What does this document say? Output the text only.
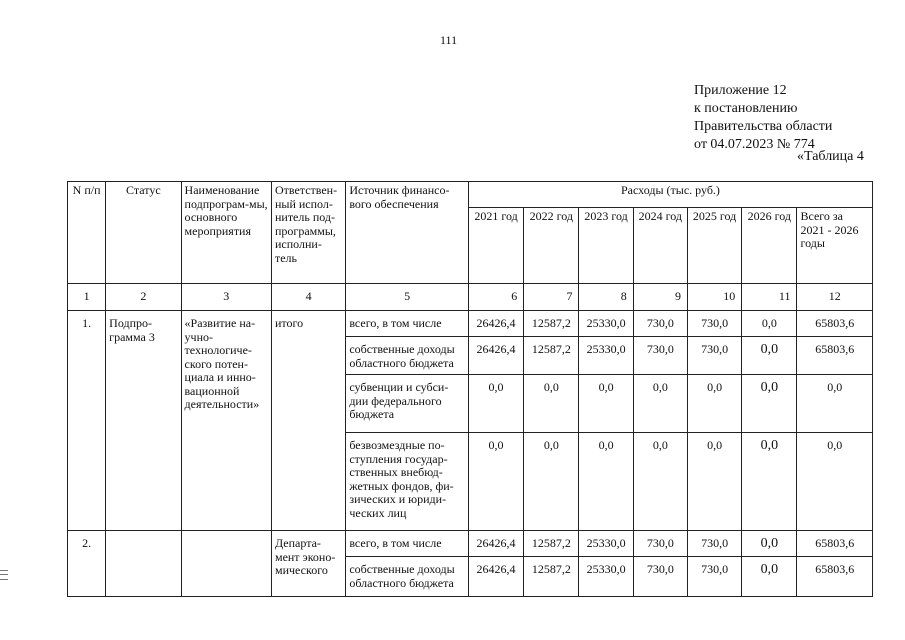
111
Приложение 12
к постановлению
Правительства области
от 04.07.2023 № 774
«Таблица 4
N п/п	Статус	Наименование подпрограм-мы, основного мероприятия	Ответствен-ный испол-нитель под-программы, исполни-тель	Источник финансо-вого обеспечения	Расходы (тыс. руб.)						
					2021 год	2022 год	2023 год	2024 год	2025 год	2026 год	Всего за 2021 - 2026 годы
1	2	3	4	5	6	7	8	9	10	11	12
1.	Подпро-грамма 3	«Развитие на-учно-технологиче-ского потен-циала и инно-вационной деятельности»	итого	всего, в том числе	26426,4	12587,2	25330,0	730,0	730,0	0,0	65803,6
				собственные доходы областного бюджета	26426,4	12587,2	25330,0	730,0	730,0	0,0	65803,6
				субвенции и субси-дии федерального бюджета	0,0	0,0	0,0	0,0	0,0	0,0	0,0
				безвозмездные по-ступления государ-ственных внебюд-жетных фондов, фи-зических и юриди-ческих лиц	0,0	0,0	0,0	0,0	0,0	0,0	0,0
2.			Департа-мент эконо-мического	всего, в том числе	26426,4	12587,2	25330,0	730,0	730,0	0,0	65803,6
				собственные доходы областного бюджета	26426,4	12587,2	25330,0	730,0	730,0	0,0	65803,6
